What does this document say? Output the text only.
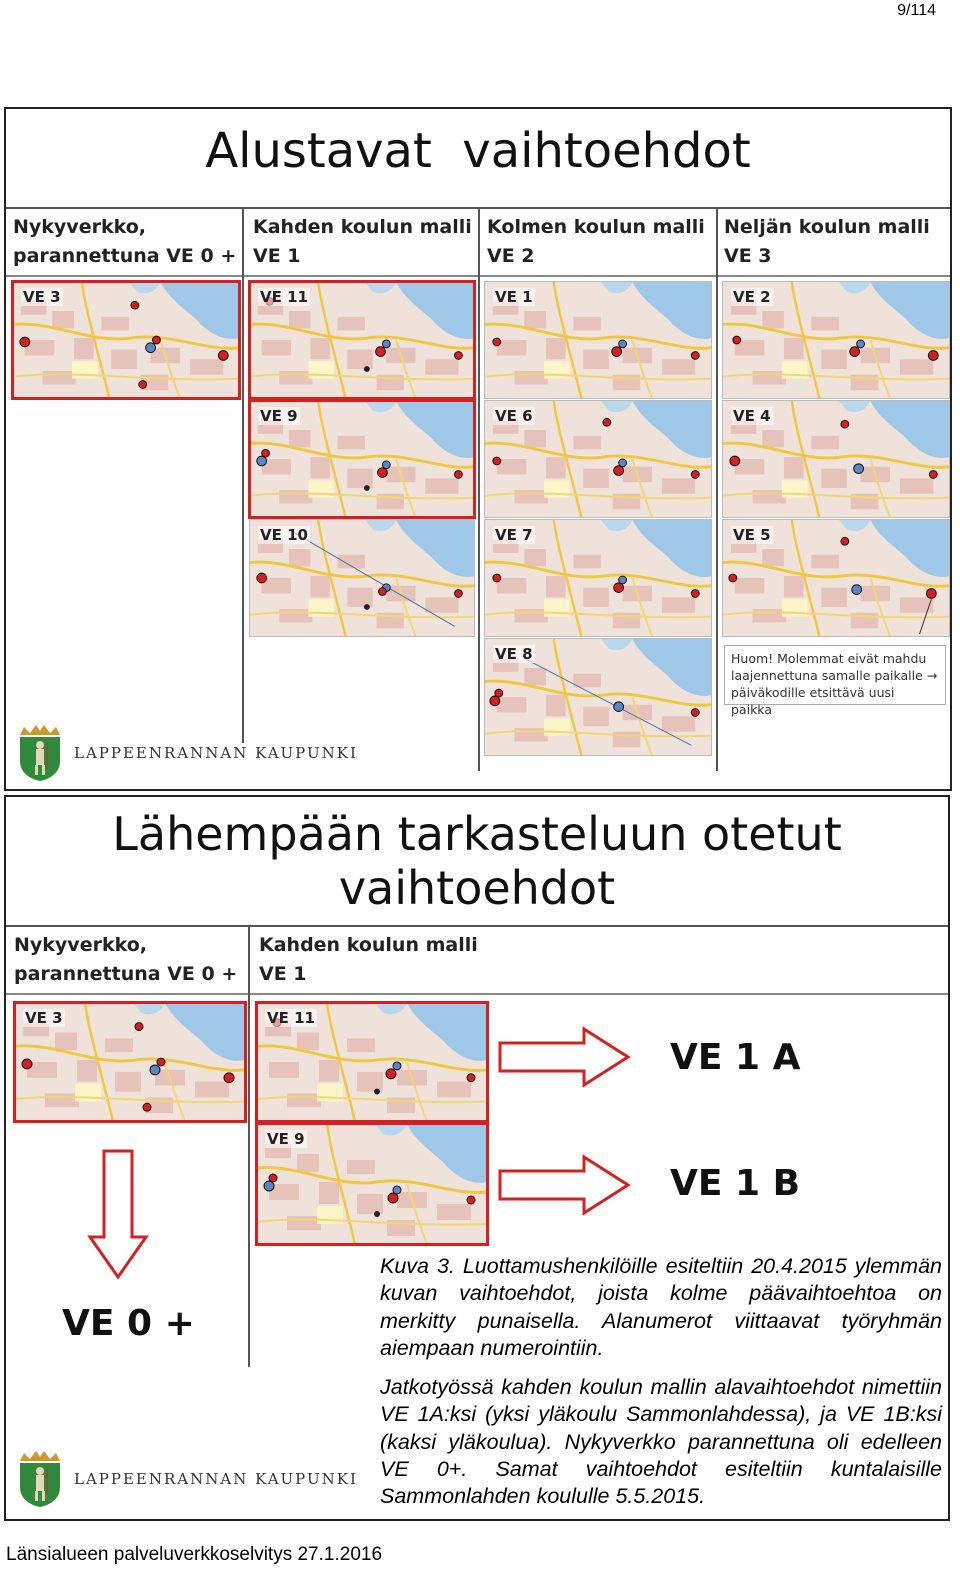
9/114
Alustavat  vaihtoehdot
Nykyverkko,
parannettuna VE 0 +
Kahden koulun malli
VE 1
Kolmen koulun malli
VE 2
Neljän koulun malli
VE 3
VE 3	VE 11
VE 9
VE 10
VE 1
VE 6
VE 7
VE 8
VE 2
VE 4
VE 5
Huom! Molemmat eivät mahdu
laajennettuna samalle paikalle →
päiväkodille etsittävä uusi paikka
LAPPEENRANNAN KAUPUNKI
Lähempään tarkasteluun otetut
vaihtoehdot
Nykyverkko,
parannettuna VE 0 +
Kahden koulun malli
VE 1
VE 3	VE 11
VE 9
VE 1 A
VE 1 B
VE 0 +
LAPPEENRANNAN KAUPUNKI

Kuva 3. Luottamushenkilöille esiteltiin 20.4.2015 ylemmän kuvan vaihtoehdot, joista kolme päävaihtoehtoa on merkitty punaisella. Alanumerot viittaavat työryhmän aiempaan numerointiin.

Jatkotyössä kahden koulun mallin alavaihtoehdot nimettiin VE 1A:ksi (yksi yläkoulu Sammonlahdessa), ja VE 1B:ksi (kaksi yläkoulua). Nykyverkko parannettuna oli edelleen VE 0+. Samat vaihtoehdot esiteltiin kuntalaisille Sammonlahden koululle 5.5.2015.

Länsialueen palveluverkkoselvitys 27.1.2016
